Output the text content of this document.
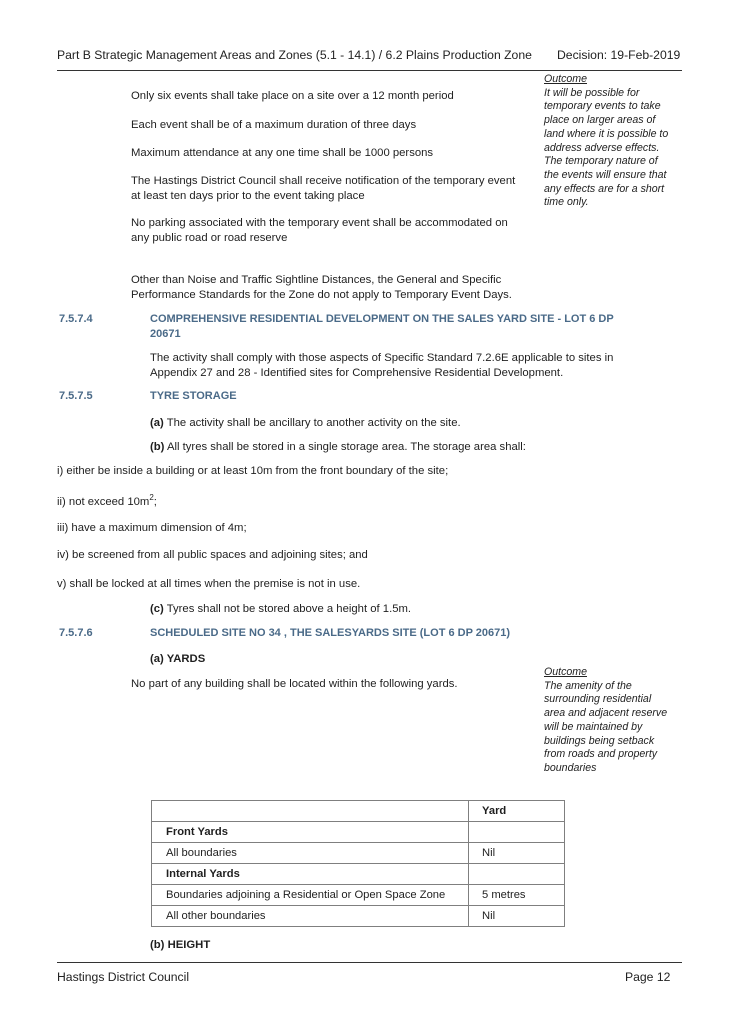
Part B Strategic Management Areas and Zones (5.1 - 14.1) / 6.2 Plains Production Zone Decision: 19-Feb-2019
Only six events shall take place on a site over a 12 month period
Each event shall be of a maximum duration of three days
Maximum attendance at any one time shall be 1000 persons
The Hastings District Council shall receive notification of the temporary event at least ten days prior to the event taking place
No parking associated with the temporary event shall be accommodated on any public road or road reserve
Other than Noise and Traffic Sightline Distances, the General and Specific Performance Standards for the Zone do not apply to Temporary Event Days.
Outcome
It will be possible for temporary events to take place on larger areas of land where it is possible to address adverse effects. The temporary nature of the events will ensure that any effects are for a short time only.
7.5.7.4	COMPREHENSIVE RESIDENTIAL DEVELOPMENT ON THE SALES YARD SITE - LOT 6 DP 20671
The activity shall comply with those aspects of Specific Standard 7.2.6E applicable to sites in Appendix 27 and 28 - Identified sites for Comprehensive Residential Development.
7.5.7.5	TYRE STORAGE
(a) The activity shall be ancillary to another activity on the site.
(b) All tyres shall be stored in a single storage area. The storage area shall:
i) either be inside a building or at least 10m from the front boundary of the site;
ii) not exceed $10m^2$;
iii) have a maximum dimension of 4m;
iv) be screened from all public spaces and adjoining sites; and
v) shall be locked at all times when the premise is not in use.
(c) Tyres shall not be stored above a height of 1.5m.
7.5.7.6	SCHEDULED SITE NO 34 , THE SALESYARDS SITE (LOT 6 DP 20671)
(a) YARDS
No part of any building shall be located within the following yards.
Outcome
The amenity of the surrounding residential area and adjacent reserve will be maintained by buildings being setback from roads and property boundaries
	Yard
Front Yards	
All boundaries	Nil
Internal Yards	
Boundaries adjoining a Residential or Open Space Zone	5 metres
All other boundaries	Nil
(b) HEIGHT
Hastings District Council	Page 12
